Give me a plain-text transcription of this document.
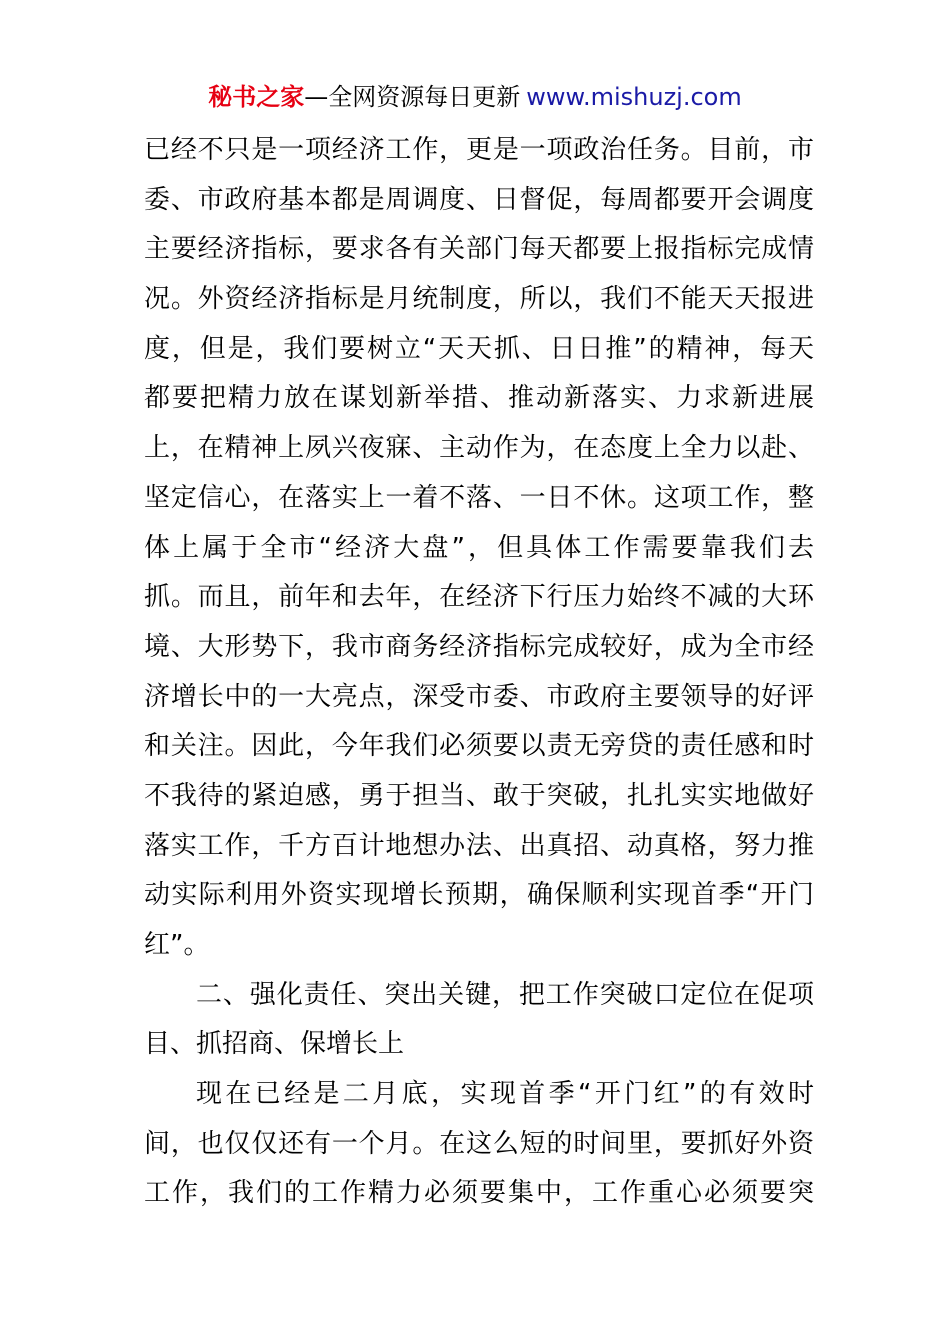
秘书之家—全网资源每日更新 www.mishuzj.com
已经不只是一项经济工作，更是一项政治任务。目前，市
委、市政府基本都是周调度、日督促，每周都要开会调度
主要经济指标，要求各有关部门每天都要上报指标完成情
况。外资经济指标是月统制度，所以，我们不能天天报进
度，但是，我们要树立“天天抓、日日推”的精神，每天
都要把精力放在谋划新举措、推动新落实、力求新进展
上，在精神上夙兴夜寐、主动作为，在态度上全力以赴、
坚定信心，在落实上一着不落、一日不休。这项工作，整
体上属于全市“经济大盘”，但具体工作需要靠我们去
抓。而且，前年和去年，在经济下行压力始终不减的大环
境、大形势下，我市商务经济指标完成较好，成为全市经
济增长中的一大亮点，深受市委、市政府主要领导的好评
和关注。因此，今年我们必须要以责无旁贷的责任感和时
不我待的紧迫感，勇于担当、敢于突破，扎扎实实地做好
落实工作，千方百计地想办法、出真招、动真格，努力推
动实际利用外资实现增长预期，确保顺利实现首季“开门
红”。
二、强化责任、突出关键，把工作突破口定位在促项
目、抓招商、保增长上
现在已经是二月底，实现首季“开门红”的有效时
间，也仅仅还有一个月。在这么短的时间里，要抓好外资
工作，我们的工作精力必须要集中，工作重心必须要突
